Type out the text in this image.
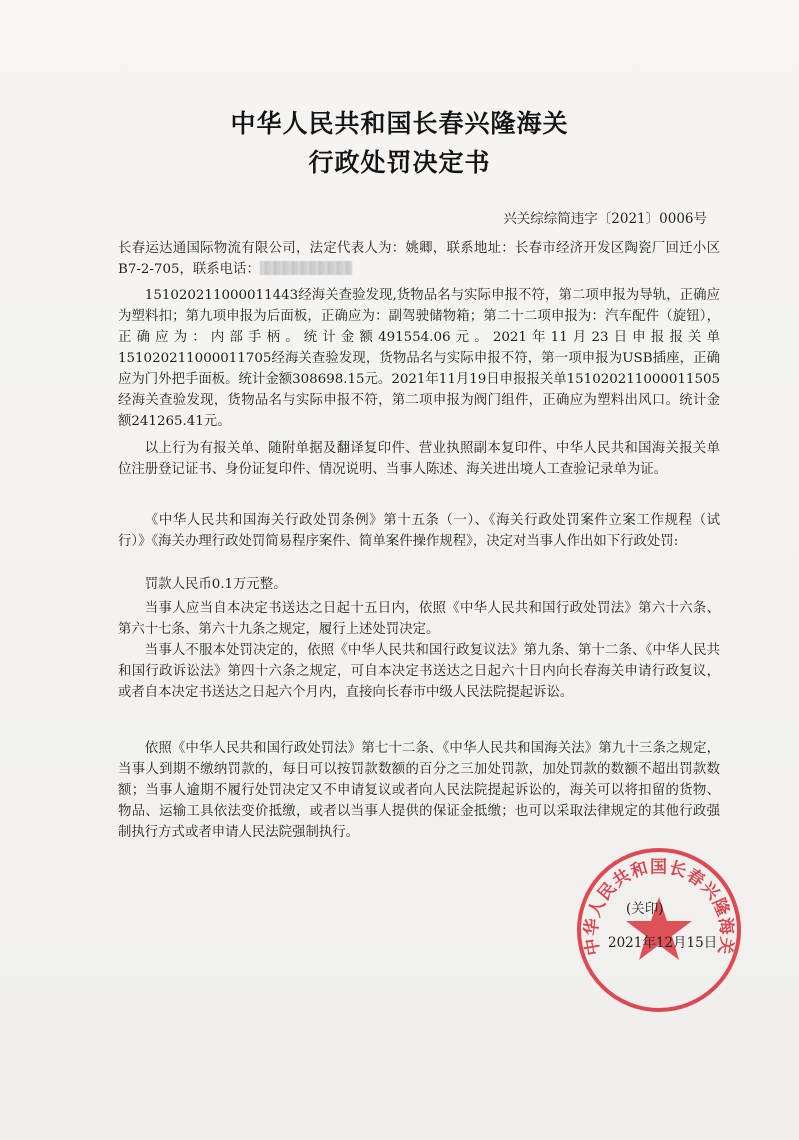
中华人民共和国长春兴隆海关
行政处罚决定书
兴关综综简违字〔2021〕0006号

长春运达通国际物流有限公司，法定代表人为：姚卿，联系地址：长春市经济开发区陶瓷厂回迁小区B7-2-705，联系电话：

151020211000011443经海关查验发现,货物品名与实际申报不符，第二项申报为导轨，正确应为塑料扣；第九项申报为后面板，正确应为：副驾驶储物箱；第二十二项申报为：汽车配件（旋钮），正确应为：内部手柄。统计金额491554.06元。2021年11月23日申报报关单151020211000011705经海关查验发现，货物品名与实际申报不符，第一项申报为USB插座，正确应为门外把手面板。统计金额308698.15元。2021年11月19日申报报关单151020211000011505经海关查验发现，货物品名与实际申报不符，第二项申报为阀门组件，正确应为塑料出风口。统计金额241265.41元。

以上行为有报关单、随附单据及翻译复印件、营业执照副本复印件、中华人民共和国海关报关单位注册登记证书、身份证复印件、情况说明、当事人陈述、海关进出境人工查验记录单为证。

《中华人民共和国海关行政处罚条例》第十五条（一）、《海关行政处罚案件立案工作规程（试行）》《海关办理行政处罚简易程序案件、简单案件操作规程》，决定对当事人作出如下行政处罚:

罚款人民币0.1万元整。

当事人应当自本决定书送达之日起十五日内，依照《中华人民共和国行政处罚法》第六十六条、第六十七条、第六十九条之规定，履行上述处罚决定。

当事人不服本处罚决定的，依照《中华人民共和国行政复议法》第九条、第十二条、《中华人民共和国行政诉讼法》第四十六条之规定，可自本决定书送达之日起六十日内向长春海关申请行政复议，或者自本决定书送达之日起六个月内，直接向长春市中级人民法院提起诉讼。

依照《中华人民共和国行政处罚法》第七十二条、《中华人民共和国海关法》第九十三条之规定，当事人到期不缴纳罚款的，每日可以按罚款数额的百分之三加处罚款，加处罚款的数额不超出罚款数额；当事人逾期不履行处罚决定又不申请复议或者向人民法院提起诉讼的，海关可以将扣留的货物、物品、运输工具依法变价抵缴，或者以当事人提供的保证金抵缴；也可以采取法律规定的其他行政强制执行方式或者申请人民法院强制执行。

中华人民共和国长春兴隆海关
(关印)
2021年12月15日
